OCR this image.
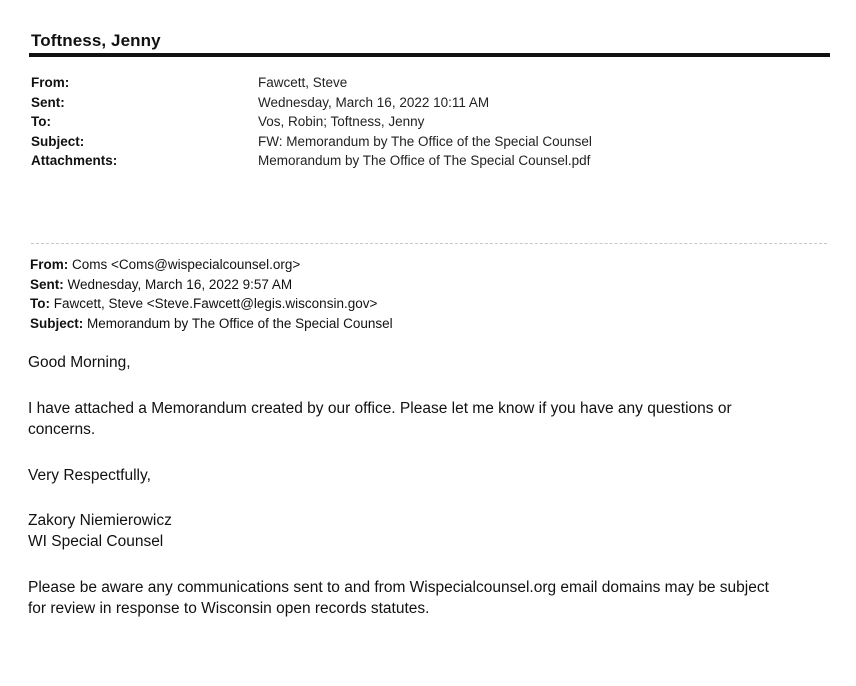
Toftness, Jenny
From:	Fawcett, Steve
Sent:	Wednesday, March 16, 2022 10:11 AM
To:	Vos, Robin; Toftness, Jenny
Subject:	FW: Memorandum by The Office of the Special Counsel
Attachments:	Memorandum by The Office of The Special Counsel.pdf
From: Coms <Coms@wispecialcounsel.org>
Sent: Wednesday, March 16, 2022 9:57 AM
To: Fawcett, Steve <Steve.Fawcett@legis.wisconsin.gov>
Subject: Memorandum by The Office of the Special Counsel

Good Morning,

I have attached a Memorandum created by our office. Please let me know if you have any questions or

concerns.

Very Respectfully,

Zakory Niemierowicz

WI Special Counsel

Please be aware any communications sent to and from Wispecialcounsel.org email domains may be subject

for review in response to Wisconsin open records statutes.
